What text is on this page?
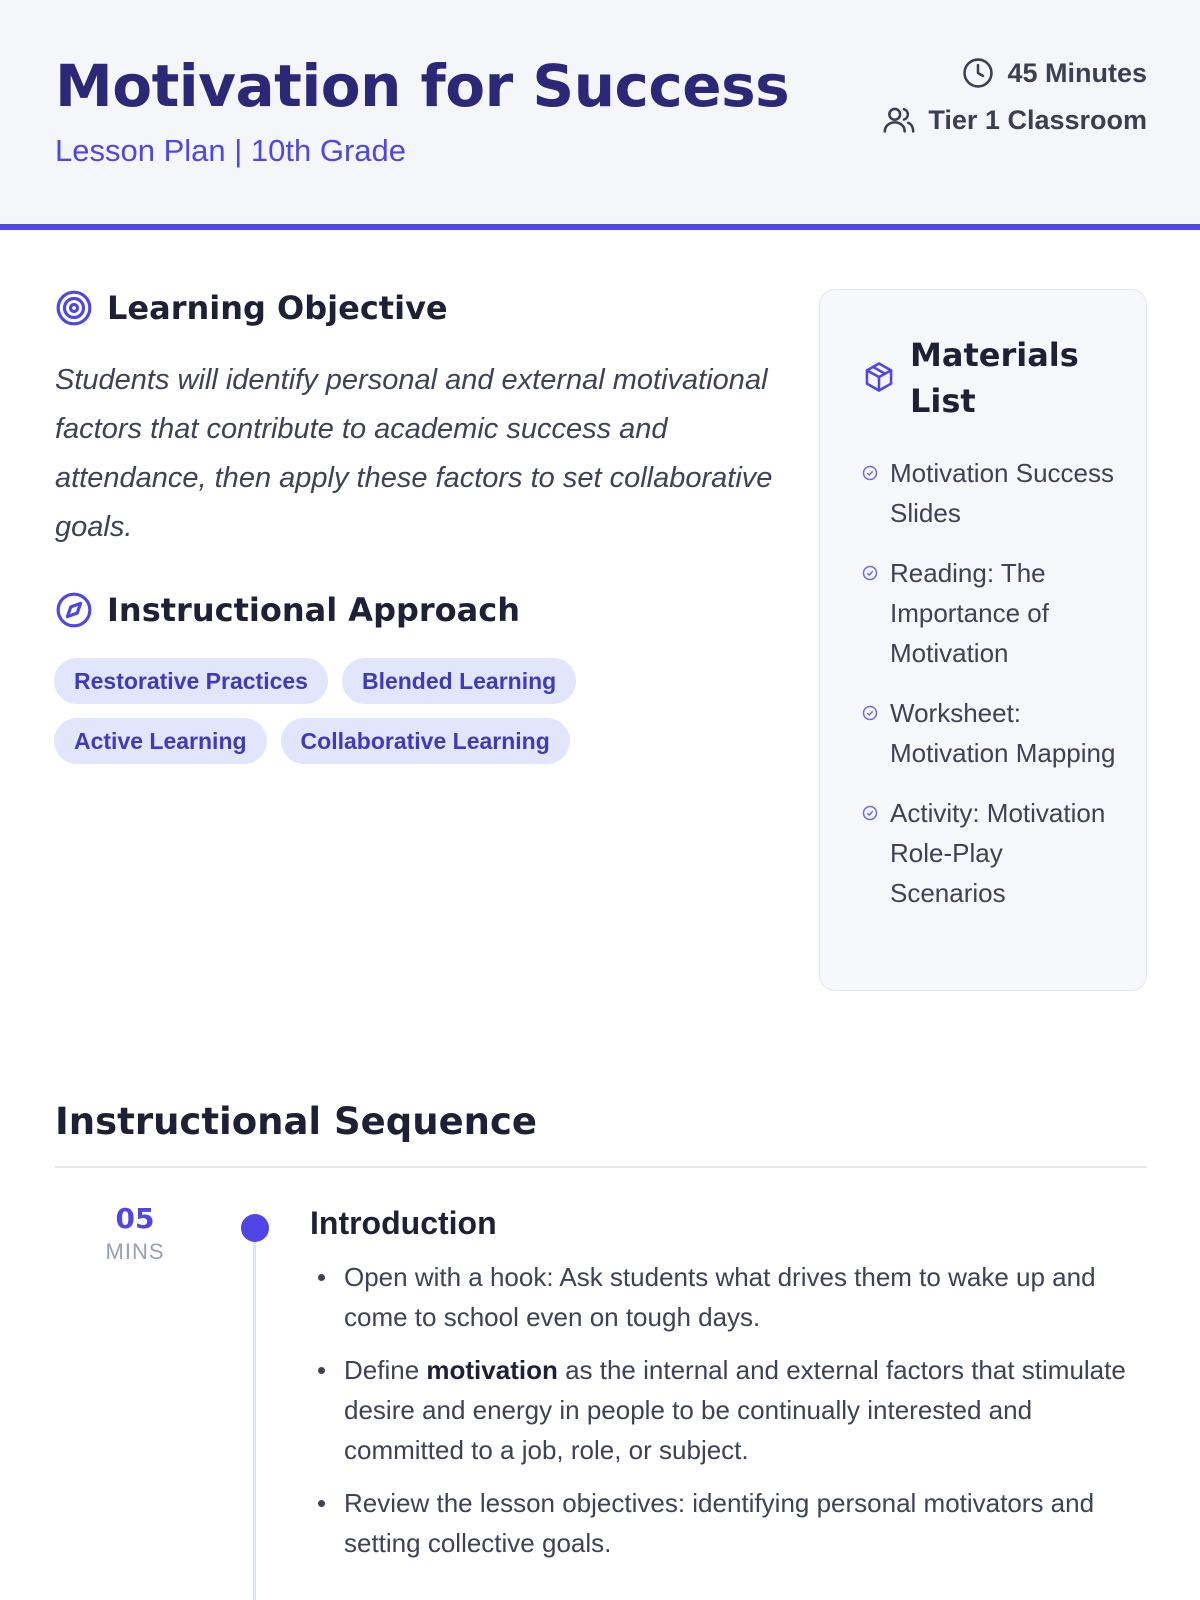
Motivation for Success
Lesson Plan | 10th Grade
45 Minutes
Tier 1 Classroom
Learning Objective

Students will identify personal and external motivational factors that contribute to academic success and attendance, then apply these factors to set collaborative goals.

Instructional Approach
Restorative Practices	Blended Learning
Active Learning	Collaborative Learning
Materials List
Motivation Success Slides
Reading: The Importance of Motivation
Worksheet: Motivation Mapping
Activity: Motivation Role-Play Scenarios
Instructional Sequence
05
MINS
Introduction
Open with a hook: Ask students what drives them to wake up and come to school even on tough days.
Define motivation as the internal and external factors that stimulate desire and energy in people to be continually interested and committed to a job, role, or subject.
Review the lesson objectives: identifying personal motivators and setting collective goals.
